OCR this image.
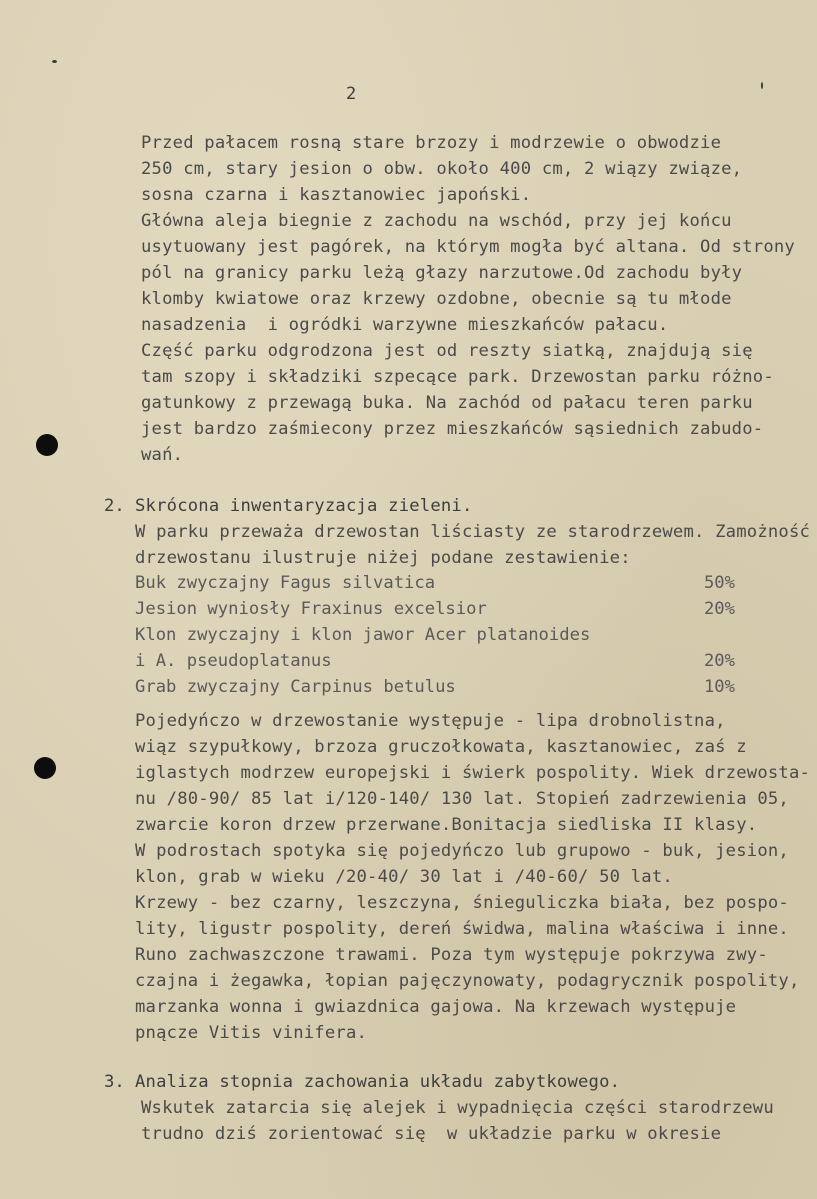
2
Przed pałacem rosną stare brzozy i modrzewie o obwodzie
250 cm, stary jesion o obw. około 400 cm, 2 wiązy związe,
sosna czarna i kasztanowiec japoński.
Główna aleja biegnie z zachodu na wschód, przy jej końcu
usytuowany jest pagórek, na którym mogła być altana. Od strony
pól na granicy parku leżą głazy narzutowe.Od zachodu były
klomby kwiatowe oraz krzewy ozdobne, obecnie są tu młode
nasadzenia  i ogródki warzywne mieszkańców pałacu.
Część parku odgrodzona jest od reszty siatką, znajdują się
tam szopy i składziki szpecące park. Drzewostan parku różno-
gatunkowy z przewagą buka. Na zachód od pałacu teren parku
jest bardzo zaśmiecony przez mieszkańców sąsiednich zabudo-
wań.
2. Skrócona inwentaryzacja zieleni.
W parku przeważa drzewostan liściasty ze starodrzewem. Zamożność
drzewostanu ilustruje niżej podane zestawienie:
Buk zwyczajny Fagus silvatica	50%
Jesion wyniosły Fraxinus excelsior	20%
Klon zwyczajny i klon jawor Acer platanoides
i A. pseudoplatanus	20%
Grab zwyczajny Carpinus betulus	10%
Pojedyńczo w drzewostanie występuje - lipa drobnolistna,
wiąz szypułkowy, brzoza gruczołkowata, kasztanowiec, zaś z
iglastych modrzew europejski i świerk pospolity. Wiek drzewosta-
nu /80-90/ 85 lat i/120-140/ 130 lat. Stopień zadrzewienia 05,
zwarcie koron drzew przerwane.Bonitacja siedliska II klasy.
W podrostach spotyka się pojedyńczo lub grupowo - buk, jesion,
klon, grab w wieku /20-40/ 30 lat i /40-60/ 50 lat.
Krzewy - bez czarny, leszczyna, śnieguliczka biała, bez pospo-
lity, ligustr pospolity, dereń świdwa, malina właściwa i inne.
Runo zachwaszczone trawami. Poza tym występuje pokrzywa zwy-
czajna i żegawka, łopian pajęczynowaty, podagrycznik pospolity,
marzanka wonna i gwiazdnica gajowa. Na krzewach występuje
pnącze Vitis vinifera.
3. Analiza stopnia zachowania układu zabytkowego.
Wskutek zatarcia się alejek i wypadnięcia części starodrzewu
trudno dziś zorientować się  w układzie parku w okresie
